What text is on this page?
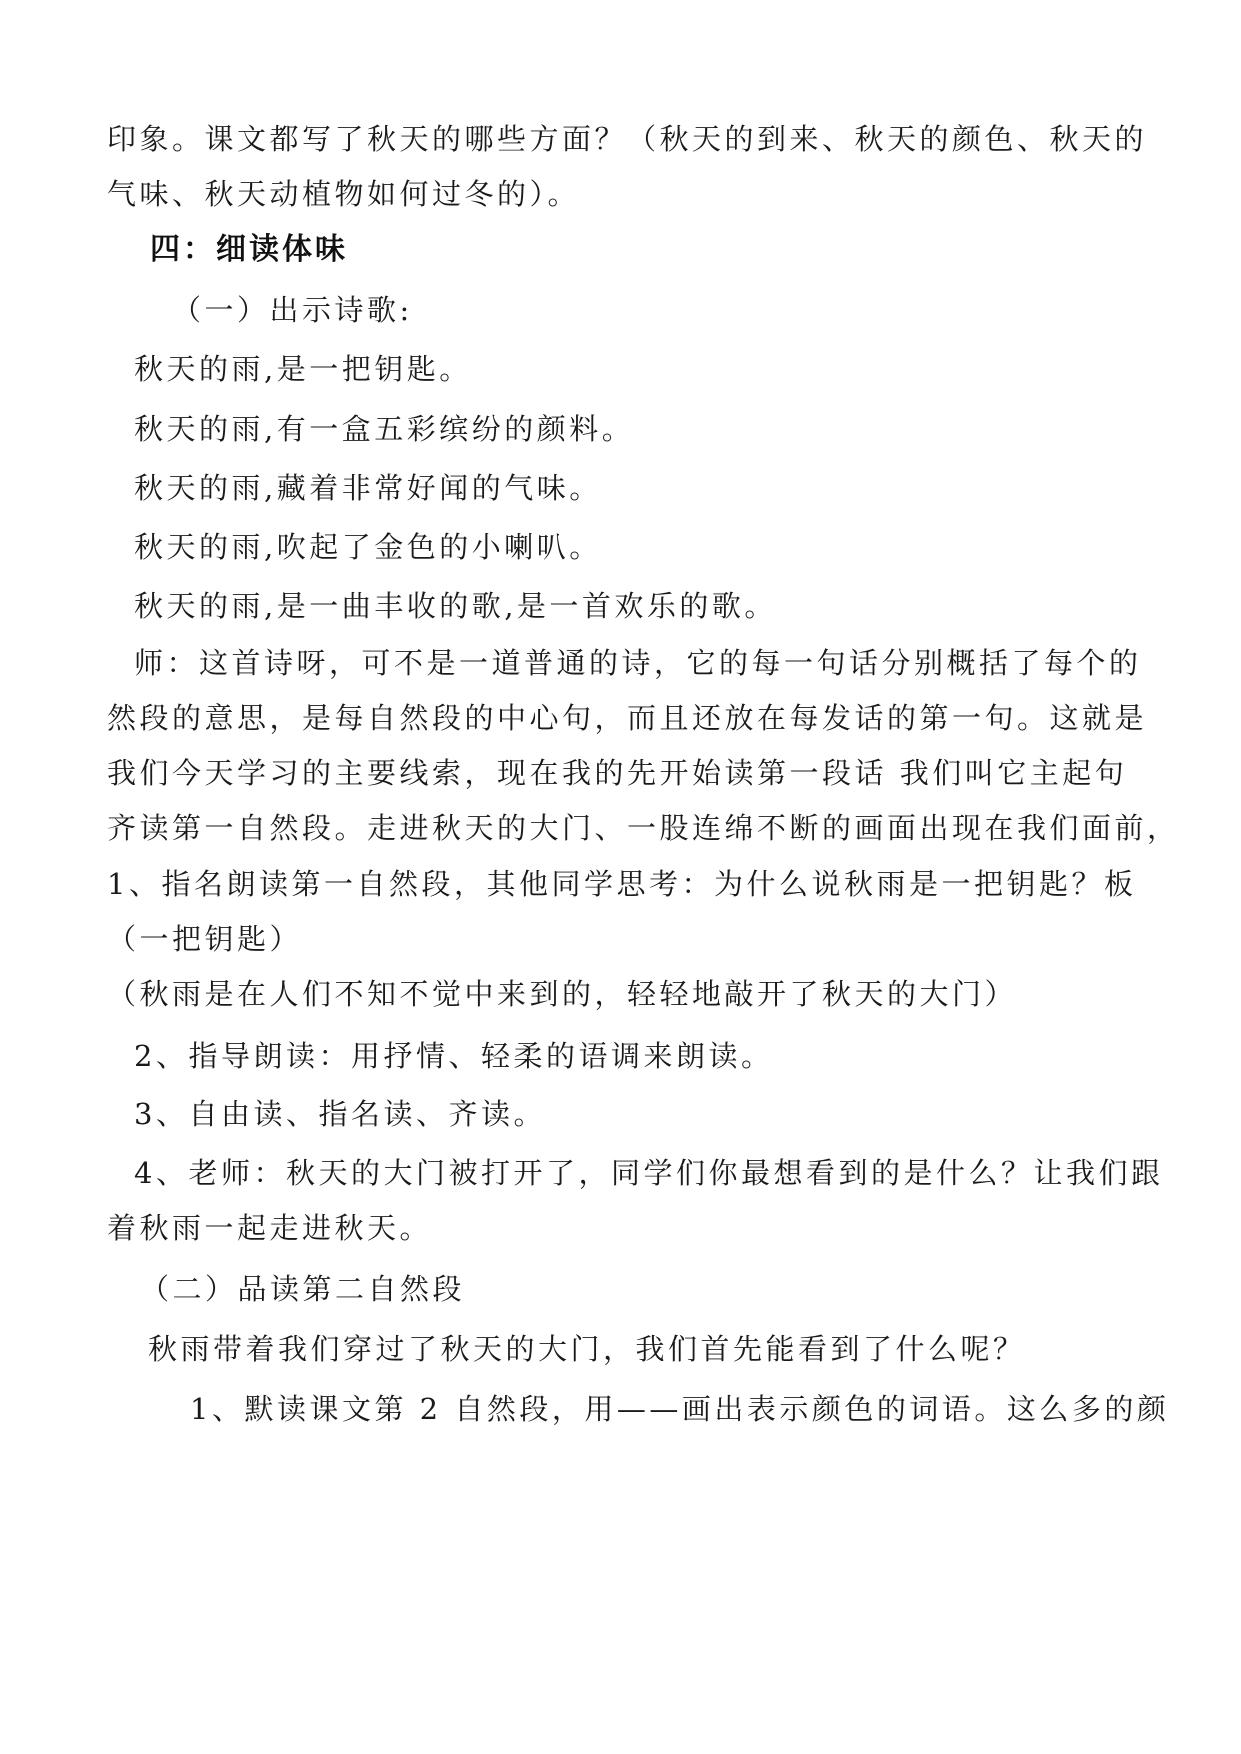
印象。课文都写了秋天的哪些方面？（秋天的到来、秋天的颜色、秋天的
气味、秋天动植物如何过冬的）。
四：细读体味
（一）出示诗歌:
秋天的雨,是一把钥匙。
秋天的雨,有一盒五彩缤纷的颜料。
秋天的雨,藏着非常好闻的气味。
秋天的雨,吹起了金色的小喇叭。
秋天的雨,是一曲丰收的歌,是一首欢乐的歌。
师：这首诗呀，可不是一道普通的诗，它的每一句话分别概括了每个的
然段的意思，是每自然段的中心句，而且还放在每发话的第一句。这就是
我们今天学习的主要线索，现在我的先开始读第一段话 我们叫它主起句
齐读第一自然段。走进秋天的大门、一股连绵不断的画面出现在我们面前，
1、指名朗读第一自然段，其他同学思考：为什么说秋雨是一把钥匙？板
（一把钥匙）
（秋雨是在人们不知不觉中来到的，轻轻地敲开了秋天的大门）
2、指导朗读：用抒情、轻柔的语调来朗读。
3、自由读、指名读、齐读。
4、老师：秋天的大门被打开了，同学们你最想看到的是什么？让我们跟
着秋雨一起走进秋天。
（二）品读第二自然段
秋雨带着我们穿过了秋天的大门，我们首先能看到了什么呢？
1、默读课文第 2 自然段，用——画出表示颜色的词语。这么多的颜
